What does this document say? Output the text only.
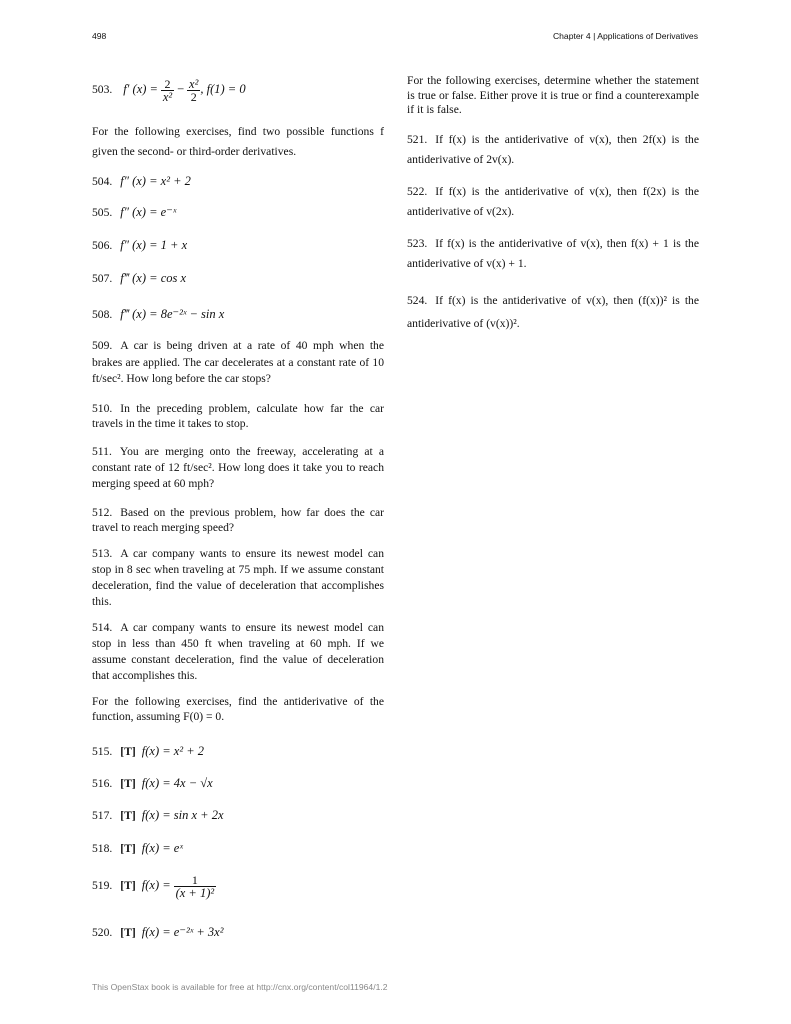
498	Chapter 4 | Applications of Derivatives
503. f′ $(x) = \frac{2}{\text{x²}} - \frac{\text{x²}}{2}$ , f(1) = 0
For the following exercises, find two possible functions f given the second- or third-order derivatives.
504. f″ (x) = x² + 2
505. f″ (x) = e⁻ˣ
506. f″ (x) = 1 + x
507. f‴ (x) = cos x
508. f‴ (x) = 8e⁻²ˣ − sin x
509. A car is being driven at a rate of 40 mph when the brakes are applied. The car decelerates at a constant rate of 10 ft/sec². How long before the car stops?
510. In the preceding problem, calculate how far the car travels in the time it takes to stop.
511. You are merging onto the freeway, accelerating at a constant rate of 12 ft/sec². How long does it take you to reach merging speed at 60 mph?
512. Based on the previous problem, how far does the car travel to reach merging speed?
513. A car company wants to ensure its newest model can stop in 8 sec when traveling at 75 mph. If we assume constant deceleration, find the value of deceleration that accomplishes this.
514. A car company wants to ensure its newest model can stop in less than 450 ft when traveling at 60 mph. If we assume constant deceleration, find the value of deceleration that accomplishes this.
For the following exercises, find the antiderivative of the function, assuming F(0) = 0.
515. [T] f(x) = x² + 2
516. [T] f(x) = 4x − √x
517. [T] f(x) = sin x + 2x
518. [T] f(x) = eˣ
519. [T] $f(x) = \frac{1}{\text{(x + 1)²}}$
520. [T] f(x) = e⁻²ˣ + 3x²
For the following exercises, determine whether the statement is true or false. Either prove it is true or find a counterexample if it is false.
521. If f(x) is the antiderivative of v(x), then 2f(x) is the antiderivative of 2v(x).
522. If f(x) is the antiderivative of v(x), then f(2x) is the antiderivative of v(2x).
523. If f(x) is the antiderivative of v(x), then f(x) + 1 is the antiderivative of v(x) + 1.
524. If f(x) is the antiderivative of v(x), then (f(x))² is the antiderivative of (v(x))².
This OpenStax book is available for free at http://cnx.org/content/col11964/1.2
